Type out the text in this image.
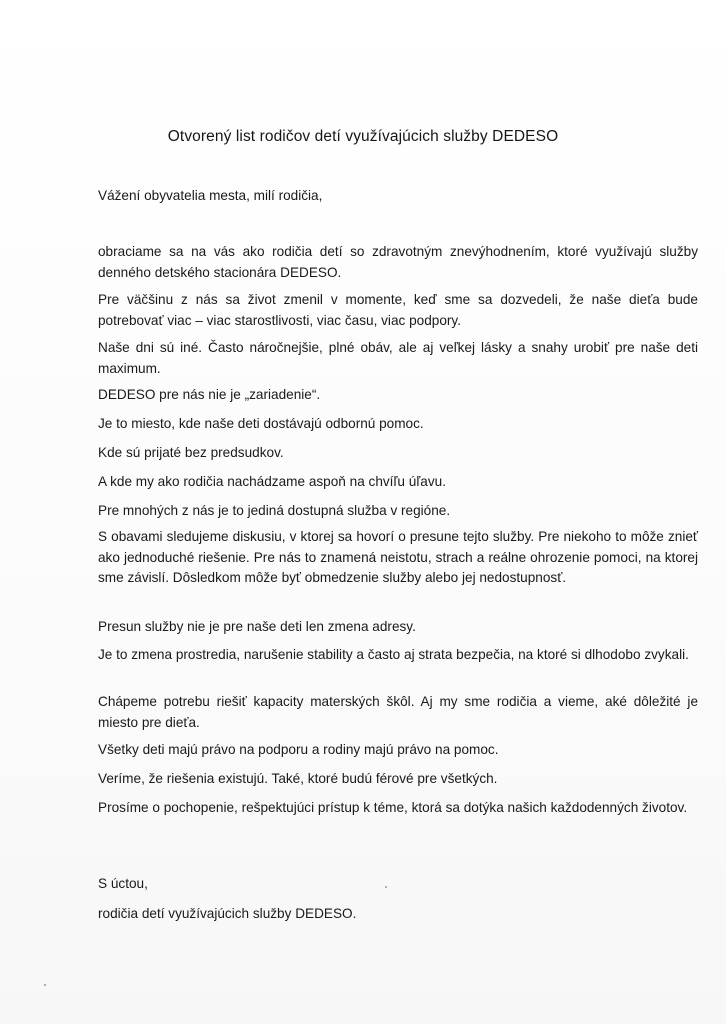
Otvorený list rodičov detí využívajúcich služby DEDESO

Vážení obyvatelia mesta, milí rodičia,

obraciame sa na vás ako rodičia detí so zdravotným znevýhodnením, ktoré využívajú služby denného detského stacionára DEDESO.

Pre väčšinu z nás sa život zmenil v momente, keď sme sa dozvedeli, že naše dieťa bude potrebovať viac – viac starostlivosti, viac času, viac podpory.

Naše dni sú iné. Často náročnejšie, plné obáv, ale aj veľkej lásky a snahy urobiť pre naše deti maximum.

DEDESO pre nás nie je „zariadenie“.

Je to miesto, kde naše deti dostávajú odbornú pomoc.

Kde sú prijaté bez predsudkov.

A kde my ako rodičia nachádzame aspoň na chvíľu úľavu.

Pre mnohých z nás je to jediná dostupná služba v regióne.

S obavami sledujeme diskusiu, v ktorej sa hovorí o presune tejto služby. Pre niekoho to môže znieť ako jednoduché riešenie. Pre nás to znamená neistotu, strach a reálne ohrozenie pomoci, na ktorej sme závislí. Dôsledkom môže byť obmedzenie služby alebo jej nedostupnosť.

Presun služby nie je pre naše deti len zmena adresy.

Je to zmena prostredia, narušenie stability a často aj strata bezpečia, na ktoré si dlhodobo zvykali.

Chápeme potrebu riešiť kapacity materských škôl. Aj my sme rodičia a vieme, aké dôležité je miesto pre dieťa.

Všetky deti majú právo na podporu a rodiny majú právo na pomoc.

Veríme, že riešenia existujú. Také, ktoré budú férové pre všetkých.

Prosíme o pochopenie, rešpektujúci prístup k téme, ktorá sa dotýka našich každodenných životov.

S úctou,

rodičia detí využívajúcich služby DEDESO.
